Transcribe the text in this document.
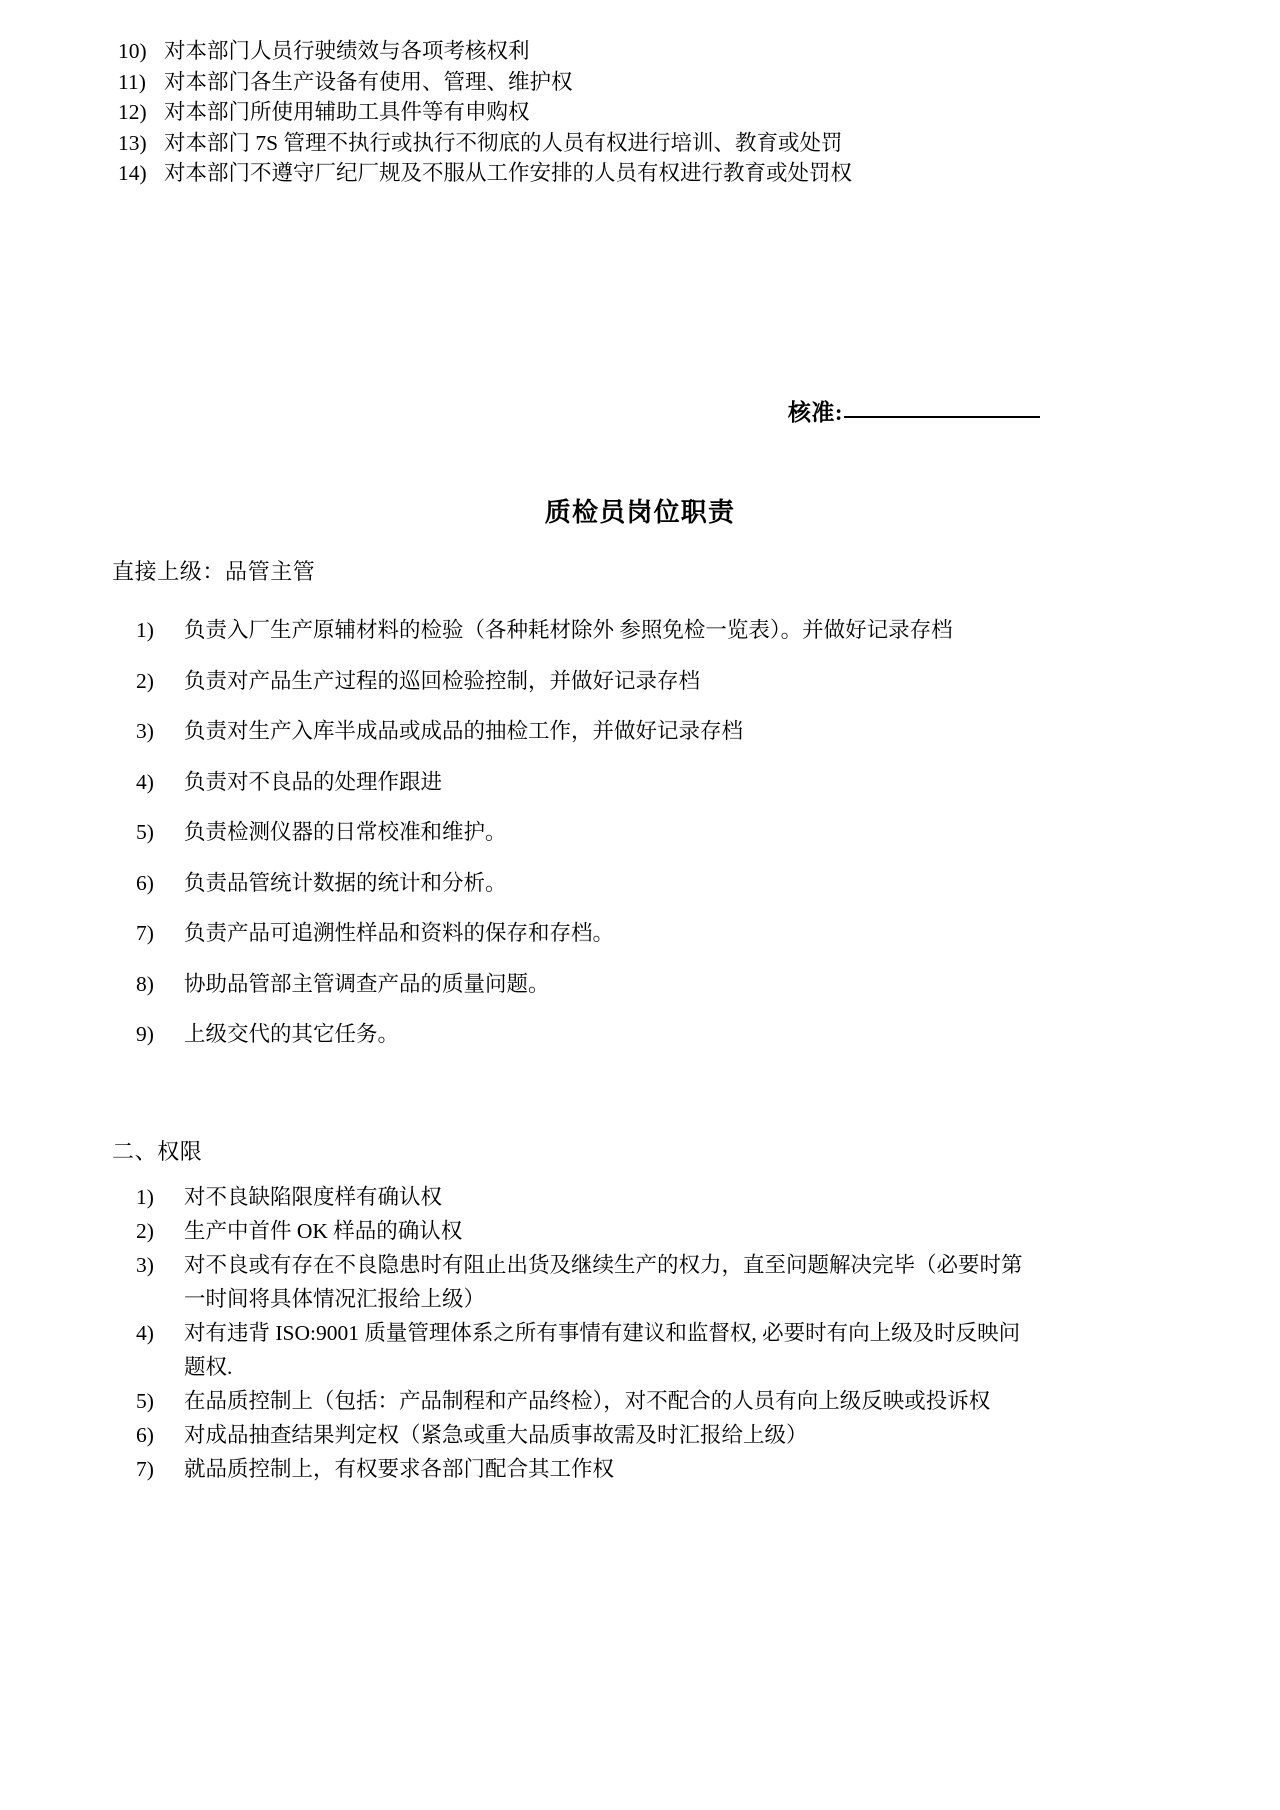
10) 对本部门人员行驶绩效与各项考核权利
11) 对本部门各生产设备有使用、管理、维护权
12) 对本部门所使用辅助工具件等有申购权
13) 对本部门 7S 管理不执行或执行不彻底的人员有权进行培训、教育或处罚
14) 对本部门不遵守厂纪厂规及不服从工作安排的人员有权进行教育或处罚权
核准:
质检员岗位职责
直接上级：品管主管
1)	负责入厂生产原辅材料的检验（各种耗材除外 参照免检一览表）。并做好记录存档
2)	负责对产品生产过程的巡回检验控制，并做好记录存档
3)	负责对生产入库半成品或成品的抽检工作，并做好记录存档
4)	负责对不良品的处理作跟进
5)	负责检测仪器的日常校准和维护。
6)	负责品管统计数据的统计和分析。
7)	负责产品可追溯性样品和资料的保存和存档。
8)	协助品管部主管调查产品的质量问题。
9)	上级交代的其它任务。
二、权限
1)	对不良缺陷限度样有确认权
2)	生产中首件 OK 样品的确认权
3)	对不良或有存在不良隐患时有阻止出货及继续生产的权力，直至问题解决完毕（必要时第
一时间将具体情况汇报给上级）
4)	对有违背 ISO:9001 质量管理体系之所有事情有建议和监督权, 必要时有向上级及时反映问
题权.
5)	在品质控制上（包括：产品制程和产品终检），对不配合的人员有向上级反映或投诉权
6)	对成品抽查结果判定权（紧急或重大品质事故需及时汇报给上级）
7)	就品质控制上，有权要求各部门配合其工作权
